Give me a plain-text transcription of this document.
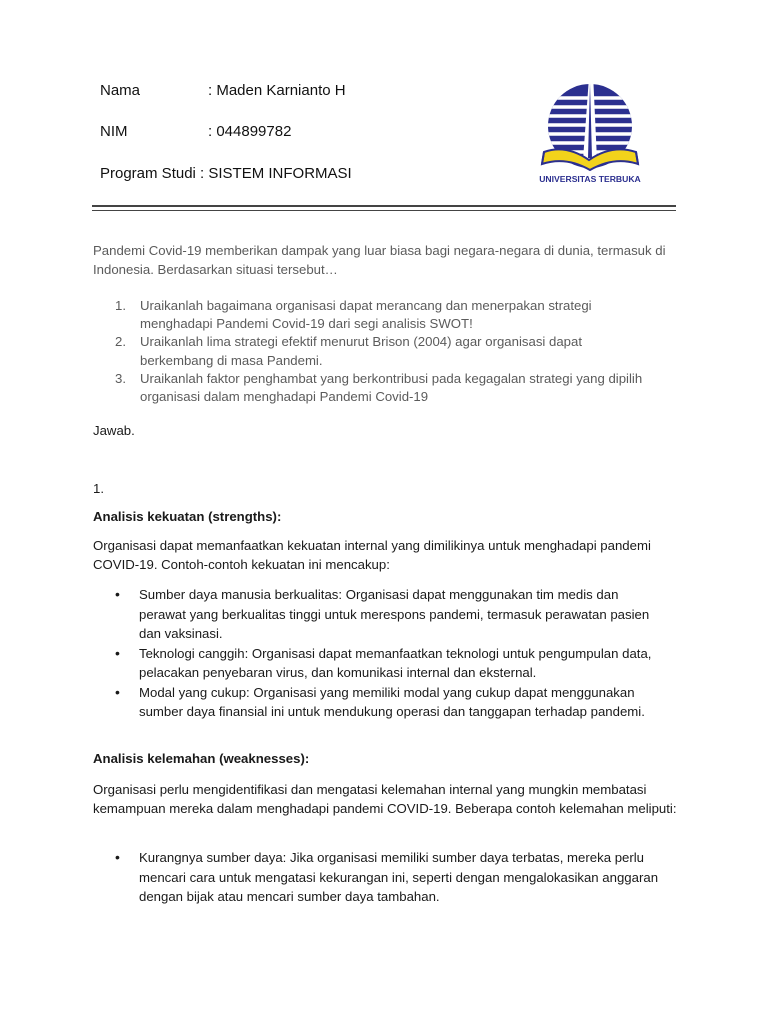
Nama	: Maden Karnianto H
NIM	: 044899782
Program Studi : SISTEM INFORMASI	UNIVERSITAS TERBUKA
Pandemi Covid-19 memberikan dampak yang luar biasa bagi negara-negara di dunia, termasuk di Indonesia. Berdasarkan situasi tersebut…
1. Uraikanlah bagaimana organisasi dapat merancang dan menerpakan strategi menghadapi Pandemi Covid-19 dari segi analisis SWOT!
2. Uraikanlah lima strategi efektif menurut Brison (2004) agar organisasi dapat berkembang di masa Pandemi.
3. Uraikanlah faktor penghambat yang berkontribusi pada kegagalan strategi yang dipilih organisasi dalam menghadapi Pandemi Covid-19
Jawab.
1.
Analisis kekuatan (strengths):
Organisasi dapat memanfaatkan kekuatan internal yang dimilikinya untuk menghadapi pandemi COVID-19. Contoh-contoh kekuatan ini mencakup:
• Sumber daya manusia berkualitas: Organisasi dapat menggunakan tim medis dan perawat yang berkualitas tinggi untuk merespons pandemi, termasuk perawatan pasien dan vaksinasi.
• Teknologi canggih: Organisasi dapat memanfaatkan teknologi untuk pengumpulan data, pelacakan penyebaran virus, dan komunikasi internal dan eksternal.
• Modal yang cukup: Organisasi yang memiliki modal yang cukup dapat menggunakan sumber daya finansial ini untuk mendukung operasi dan tanggapan terhadap pandemi.
Analisis kelemahan (weaknesses):
Organisasi perlu mengidentifikasi dan mengatasi kelemahan internal yang mungkin membatasi kemampuan mereka dalam menghadapi pandemi COVID-19. Beberapa contoh kelemahan meliputi:
• Kurangnya sumber daya: Jika organisasi memiliki sumber daya terbatas, mereka perlu mencari cara untuk mengatasi kekurangan ini, seperti dengan mengalokasikan anggaran dengan bijak atau mencari sumber daya tambahan.
